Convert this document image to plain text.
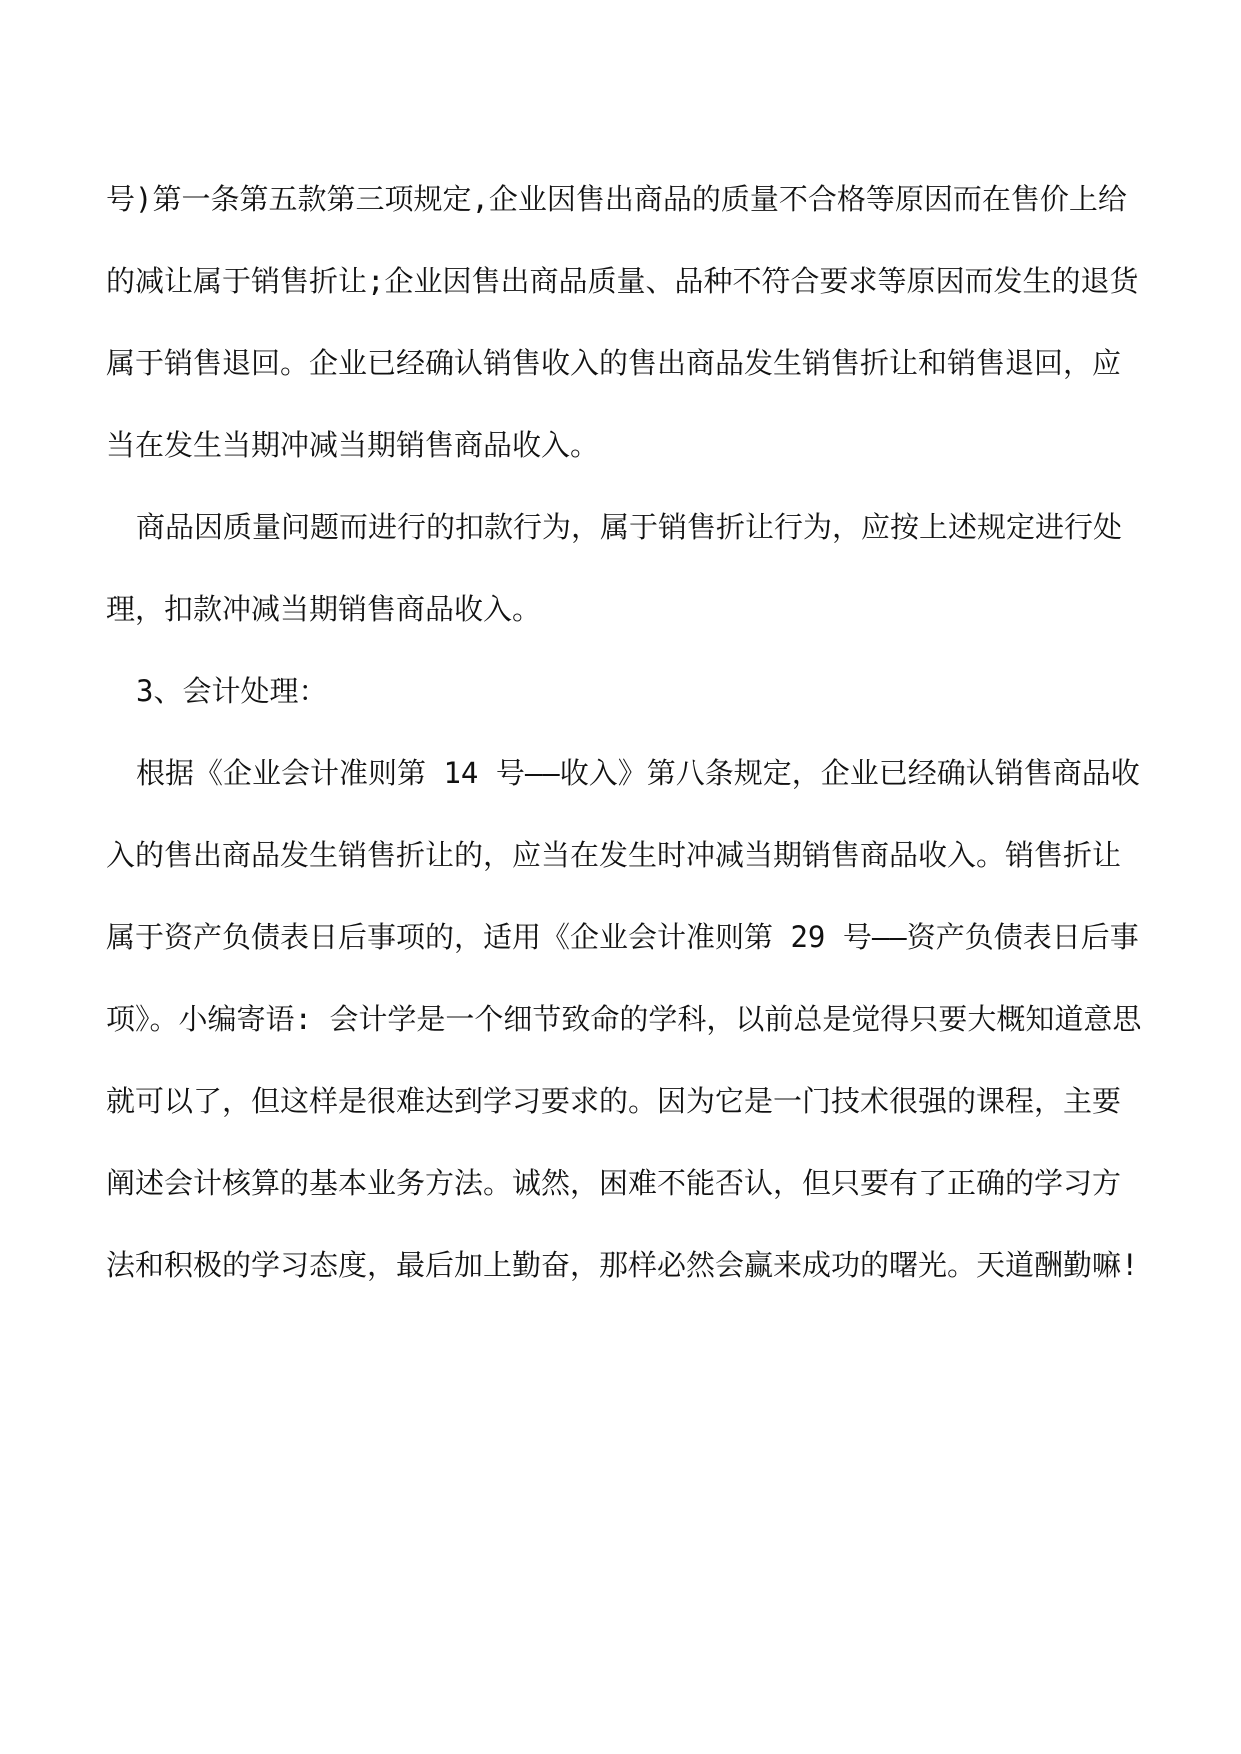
号)第一条第五款第三项规定,企业因售出商品的质量不合格等原因而在售价上给
的减让属于销售折让;企业因售出商品质量、品种不符合要求等原因而发生的退货
属于销售退回。企业已经确认销售收入的售出商品发生销售折让和销售退回，应
当在发生当期冲减当期销售商品收入。
商品因质量问题而进行的扣款行为，属于销售折让行为，应按上述规定进行处
理，扣款冲减当期销售商品收入。
3、会计处理：
根据《企业会计准则第 14 号——收入》第八条规定，企业已经确认销售商品收
入的售出商品发生销售折让的，应当在发生时冲减当期销售商品收入。销售折让
属于资产负债表日后事项的，适用《企业会计准则第 29 号——资产负债表日后事
项》。小编寄语: 会计学是一个细节致命的学科，以前总是觉得只要大概知道意思
就可以了，但这样是很难达到学习要求的。因为它是一门技术很强的课程，主要
阐述会计核算的基本业务方法。诚然，困难不能否认，但只要有了正确的学习方
法和积极的学习态度，最后加上勤奋，那样必然会赢来成功的曙光。天道酬勤嘛!
